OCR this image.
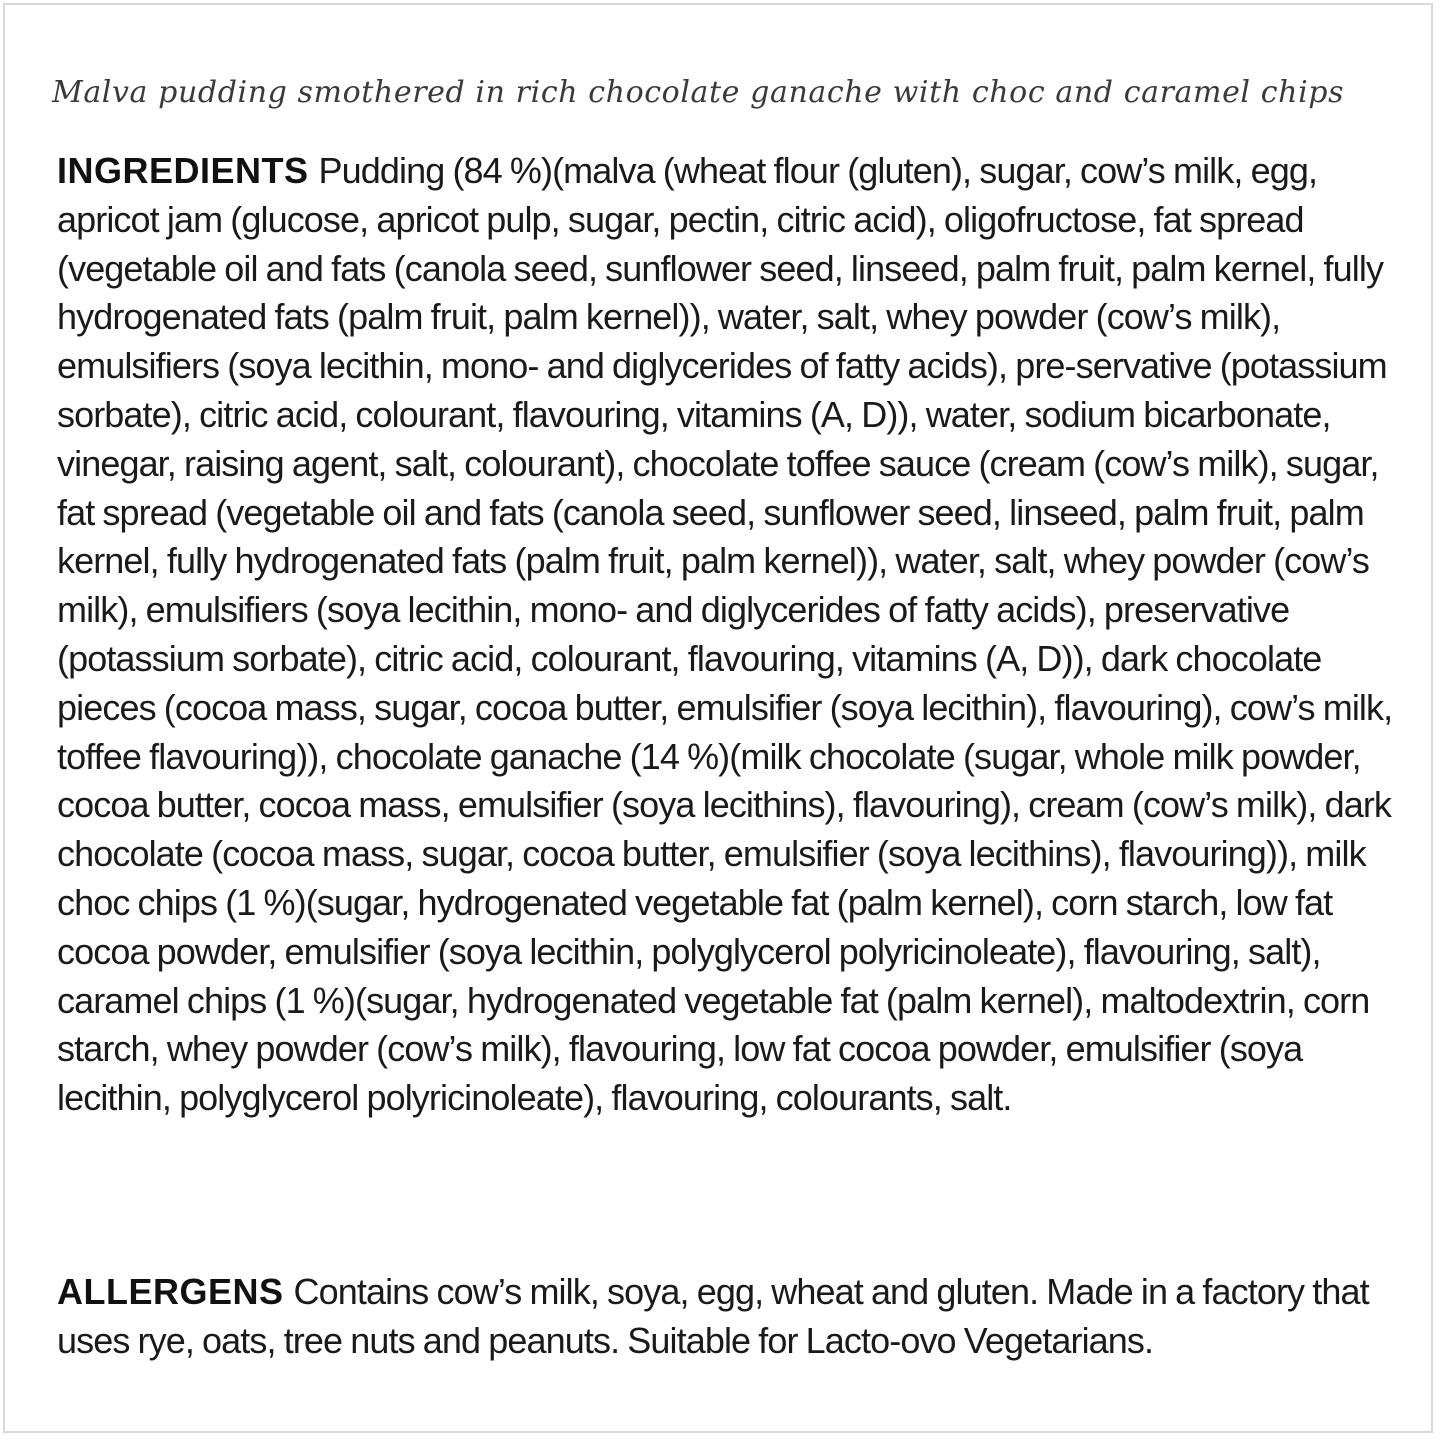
Malva pudding smothered in rich chocolate ganache with choc and caramel chips
INGREDIENTS Pudding (84 %)(malva (wheat flour (gluten), sugar, cow’s milk, egg, apricot jam (glucose, apricot pulp, sugar, pectin, citric acid), oligofructose, fat spread (vegetable oil and fats (canola seed, sunflower seed, linseed, palm fruit, palm kernel, fully hydrogenated fats (palm fruit, palm kernel)), water, salt, whey powder (cow’s milk), emulsifiers (soya lecithin, mono- and diglycerides of fatty acids), pre-servative (potassium sorbate), citric acid, colourant, flavouring, vitamins (A, D)), water, sodium bicarbonate, vinegar, raising agent, salt, colourant), chocolate toffee sauce (cream (cow’s milk), sugar, fat spread (vegetable oil and fats (canola seed, sunflower seed, linseed, palm fruit, palm kernel, fully hydrogenated fats (palm fruit, palm kernel)), water, salt, whey powder (cow’s milk), emulsifiers (soya lecithin, mono- and diglycerides of fatty acids), preservative (potassium sorbate), citric acid, colourant, flavouring, vitamins (A, D)), dark chocolate pieces (cocoa mass, sugar, cocoa butter, emulsifier (soya lecithin), flavouring), cow’s milk, toffee flavouring)), chocolate ganache (14 %)(milk chocolate (sugar, whole milk powder, cocoa butter, cocoa mass, emulsifier (soya lecithins), flavouring), cream (cow’s milk), dark chocolate (cocoa mass, sugar, cocoa butter, emulsifier (soya lecithins), flavouring)), milk choc chips (1 %)(sugar, hydrogenated vegetable fat (palm kernel), corn starch, low fat cocoa powder, emulsifier (soya lecithin, polyglycerol polyricinoleate), flavouring, salt), caramel chips (1 %)(sugar, hydrogenated vegetable fat (palm kernel), maltodextrin, corn starch, whey powder (cow’s milk), flavouring, low fat cocoa powder, emulsifier (soya lecithin, polyglycerol polyricinoleate), flavouring, colourants, salt.
ALLERGENS Contains cow’s milk, soya, egg, wheat and gluten. Made in a factory that uses rye, oats, tree nuts and peanuts. Suitable for Lacto-ovo Vegetarians.
